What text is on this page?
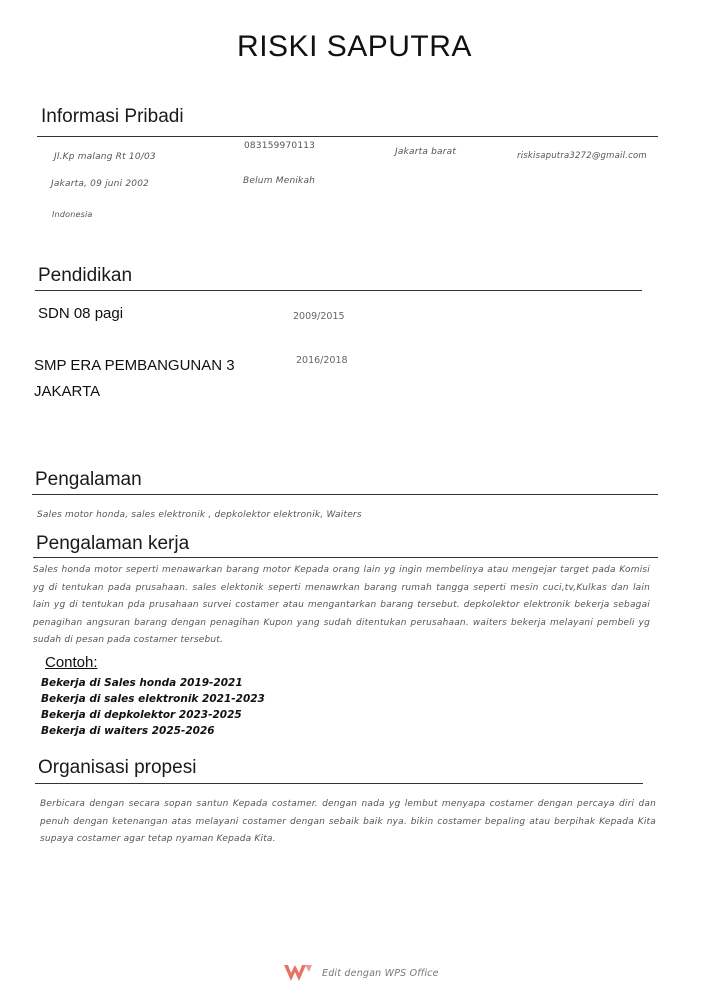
RISKI SAPUTRA
Informasi Pribadi
Jl.Kp malang Rt 10/03
Jakarta, 09 juni 2002
Indonesia
083159970113
Belum Menikah
Jakarta barat	riskisaputra3272@gmail.com
Pendidikan
SDN 08 pagi	2009/2015
SMP ERA PEMBANGUNAN 3
JAKARTA
2016/2018
Pengalaman
Sales motor honda, sales elektronik , depkolektor elektronik, Waiters
Pengalaman kerja
Sales honda motor seperti menawarkan barang motor Kepada orang lain yg ingin membelinya atau mengejar target pada Komisi yg di tentukan pada prusahaan. sales elektonik seperti menawrkan barang rumah tangga seperti mesin cuci,tv,Kulkas dan lain lain yg di tentukan pda prusahaan survei costamer atau mengantarkan barang tersebut. depkolektor elektronik bekerja sebagai penagihan angsuran barang dengan penagihan Kupon yang sudah ditentukan perusahaan. waiters bekerja melayani pembeli yg sudah di pesan pada costamer tersebut.
Contoh:
Bekerja di Sales honda 2019-2021
Bekerja di sales elektronik 2021-2023
Bekerja di depkolektor 2023-2025
Bekerja di waiters 2025-2026
Organisasi propesi
Berbicara dengan secara sopan santun Kepada costamer. dengan nada yg lembut menyapa costamer dengan percaya diri dan penuh dengan ketenangan atas melayani costamer dengan sebaik baik nya. bikin costamer bepaling atau berpihak Kepada Kita supaya costamer agar tetap nyaman Kepada Kita.
Edit dengan WPS Office
